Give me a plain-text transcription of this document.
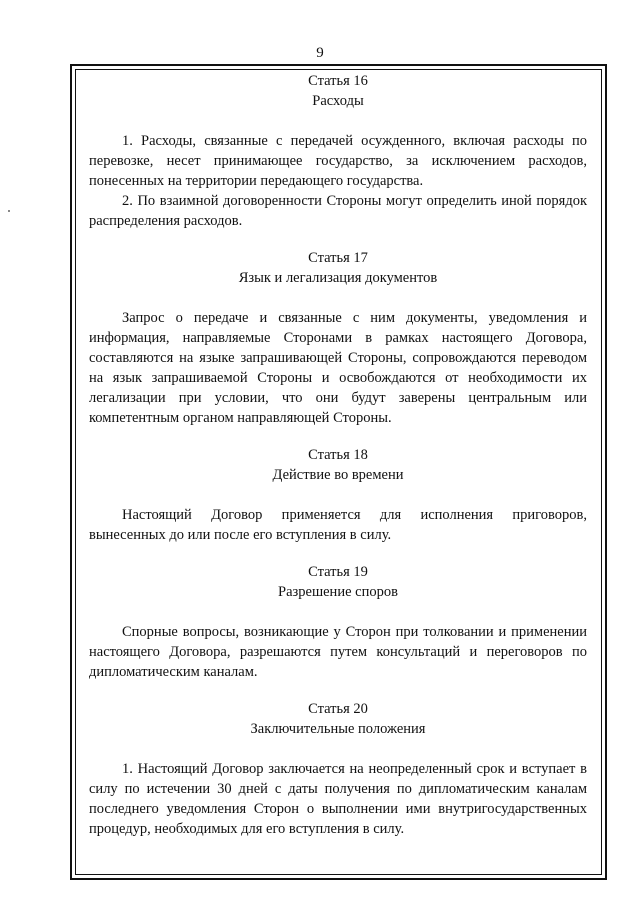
9

Статья 16

Расходы

1. Расходы, связанные с передачей осужденного, включая расходы по перевозке, несет принимающее государство, за исключением расходов, понесенных на территории передающего государства.

2. По взаимной договоренности Стороны могут определить иной порядок распределения расходов.

Статья 17

Язык и легализация документов

Запрос о передаче и связанные с ним документы, уведомления и информация, направляемые Сторонами в рамках настоящего Договора, составляются на языке запрашивающей Стороны, сопровождаются переводом на язык запрашиваемой Стороны и освобождаются от необходимости их легализации при условии, что они будут заверены центральным или компетентным органом направляющей Стороны.

Статья 18

Действие во времени

Настоящий Договор применяется для исполнения приговоров, вынесенных до или после его вступления в силу.

Статья 19

Разрешение споров

Спорные вопросы, возникающие у Сторон при толковании и применении настоящего Договора, разрешаются путем консультаций и переговоров по дипломатическим каналам.

Статья 20

Заключительные положения

1. Настоящий Договор заключается на неопределенный срок и вступает в силу по истечении 30 дней с даты получения по дипломатическим каналам последнего уведомления Сторон о выполнении ими внутригосударственных процедур, необходимых для его вступления в силу.
